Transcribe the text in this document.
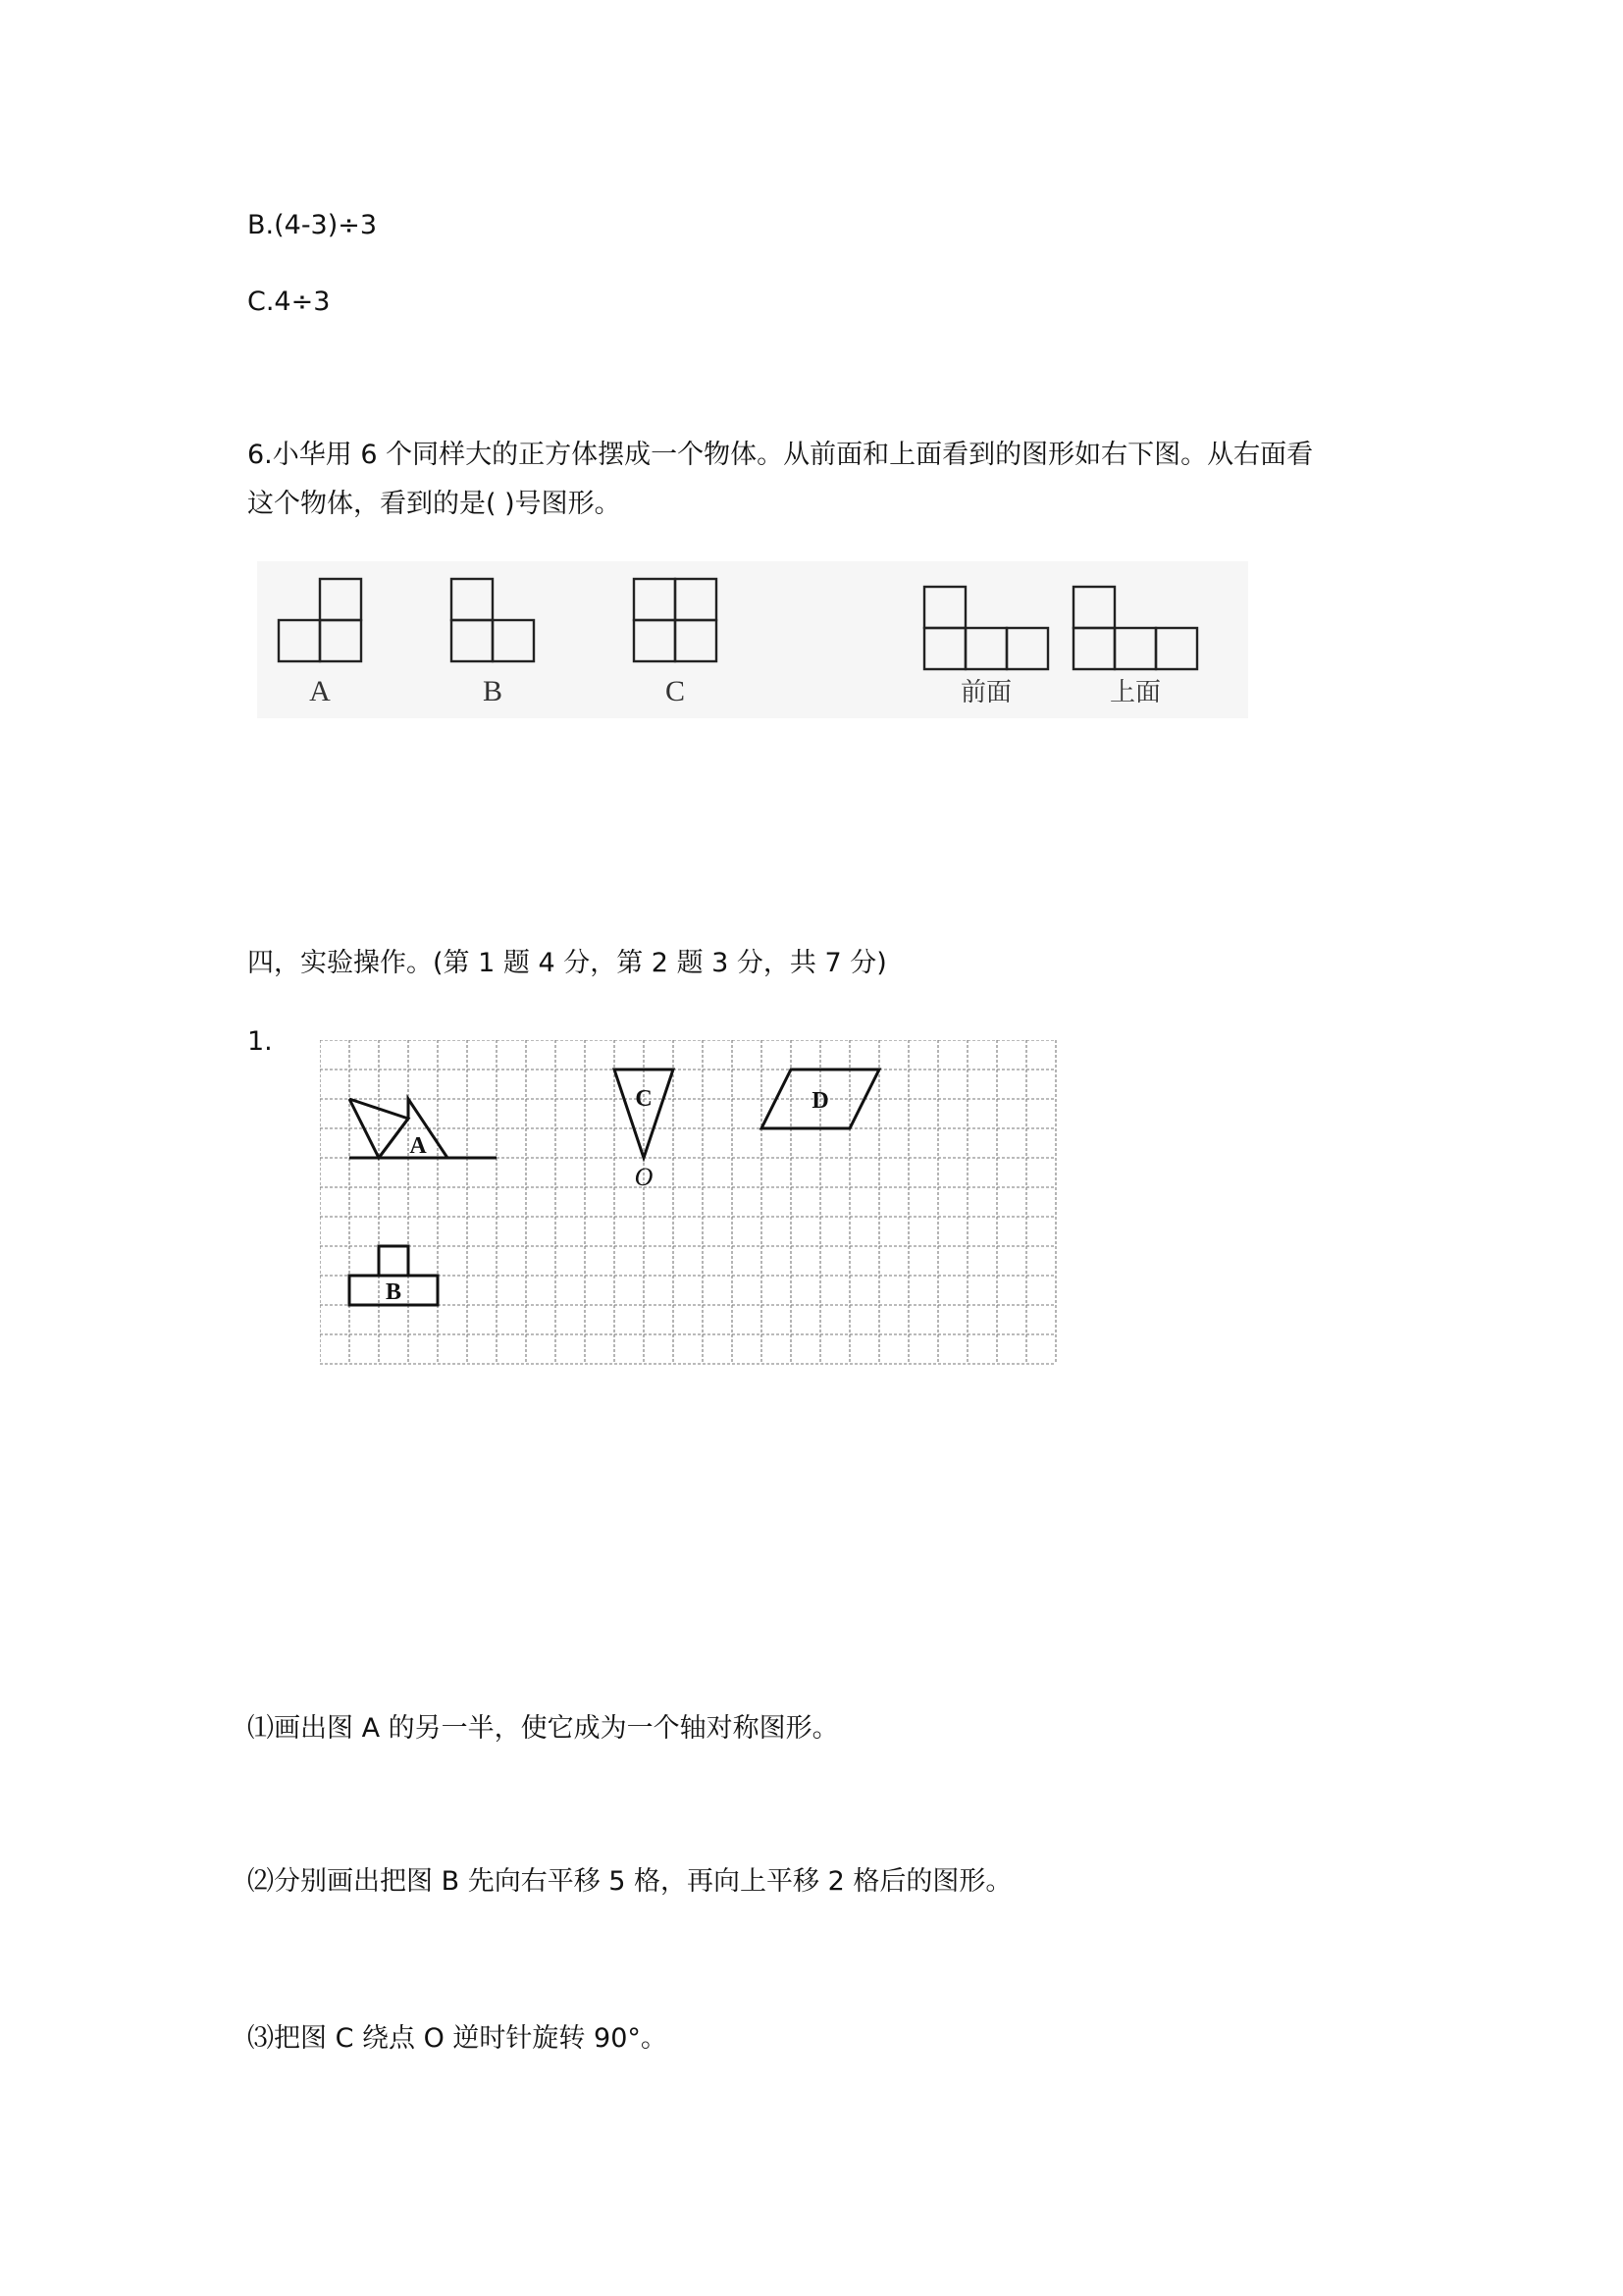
B.(4-3)÷3
C.4÷3
6.小华用 6 个同样大的正方体摆成一个物体。从前面和上面看到的图形如右下图。从右面看
这个物体，看到的是( )号图形。
A	B	C	前面	上面
四，实验操作。(第 1 题 4 分，第 2 题 3 分，共 7 分)
1.
A
B
C	D
O
⑴画出图 A 的另一半，使它成为一个轴对称图形。
⑵分别画出把图 B 先向右平移 5 格，再向上平移 2 格后的图形。
⑶把图 C 绕点 O 逆时针旋转 90°。
